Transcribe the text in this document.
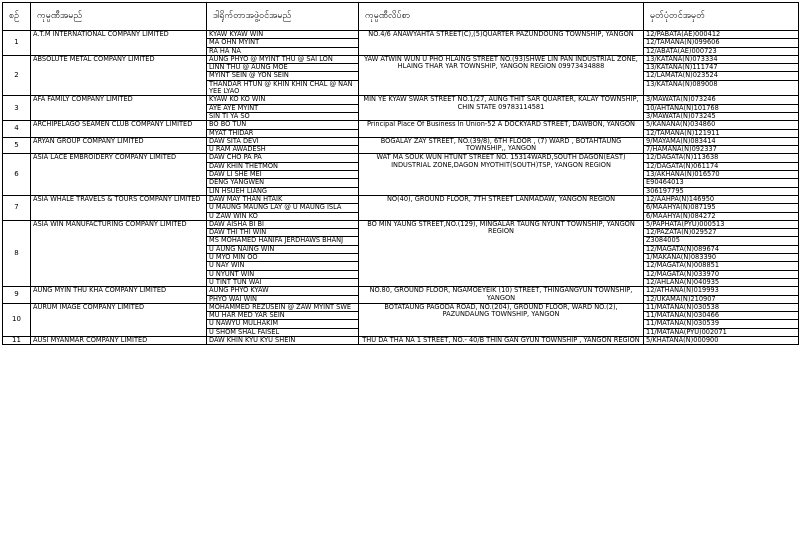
စဉ်	ကုမ္ပဏီအမည်	ဒါရိုက်တာအဖွဲ့ဝင်အမည်	ကုမ္ပဏီလိပ်စာ	မှတ်ပုံတင်အမှတ်
1	A.T.M INTERNATIONAL COMPANY LIMITED	KYAW KYAW WIN	NO.4/6 ANAWYAHTA STREET(C),(5)QUARTER PAZUNDOUNG TOWNSHIP, YANGON	12/PABATA(AE)000412
		MA OHN MYINT		12/TAMANA(N)099606
		RA HA NA		12/ABATA(AE)000723
2	ABSOLUTE METAL COMPANY LIMITED	AUNG PHYO @ MYINT THU @ SAI LON	YAW ATWIN WUN U PHO HLAING STREET NO.(93)SHWE LIN PAN INDUSTRIAL ZONE, HLAING THAR YAR TOWNSHIP, YANGON REGION 09973434888	13/KATANA(N)073334
		LINN THU @ AUNG MOE		13/KATANA(N)111747
		MYINT SEIN @ YON SEIN		12/LAMATA(N)023524
		THANDAR HTUN @ KHIN KHIN CHAL @ NAN YEE LYAO		13/KATANA(N)089008
3	AFA FAMILY COMPANY LIMITED	KYAW KO KO WIN	MIN YE KYAW SWAR STREET NO.1/27, AUNG THIT SAR QUARTER, KALAY TOWNSHIP, CHIN STATE 09783114581	3/MAWATA(N)073246
		AYE AYE MYINT		10/AHTANA(N)101768
		SIN TI YA SO		3/MAWATA(N)073245
4	ARCHIPELAGO SEAMEN CLUB COMPANY LIMITED	BO BO TUN	Principal Place Of Business In Union-52 A DOCKYARD STREET, DAWBON, YANGON	5/KANANA(N)034860
		MYAT THIDAR		12/TAMANA(N)121911
5	ARYAN GROUP COMPANY LIMITED	DAW SITA DEVI	BOGALAY ZAY STREET, NO.(39/8), 6TH FLOOR , (7) WARD , BOTAHTAUNG TOWNSHIP,, YANGON	9/MAYAMA(N)083414
		U RAM AWADESH		7/HAMANA(N)092337
6	ASIA LACE EMBROIDERY COMPANY LIMITED	DAW CHO PA PA	WAT MA SOUK WUN HTUNT STREET NO. 15314WARD,SOUTH DAGON(EAST) INDUSTRIAL ZONE,DAGON MYOTHIT(SOUTH)TSP, YANGON REGION	12/DAGATA(N)113638
		DAW KHIN THETMON		12/DAGATA(N)061174
		DAW LI SHE MEI		13/AKHANA(N)016570
		DENG YANGWEN		E90464013
		LIN HSUEH LIANG		306197795
7	ASIA WHALE TRAVELS & TOURS COMPANY LIMITED	DAW MAY THAN HTAIK	NO(40), GROUND FLOOR, 7TH STREET LANMADAW, YANGON REGION	12/AAHPA(N)146950
		U MAUNG MAUNG LAY @ U MAUNG ISLA		6/MAAHYA(N)087195
		U ZAW WIN KO		6/MAAHYA(N)084272
8	ASIA WIN MANUFACTURING COMPANY LIMITED	DAW AISHA BI BI	BO MIN YAUNG STREET,NO.(129), MINGALAR TAUNG NYUNT TOWNSHIP, YANGON REGION	5/PAPHATA(PYU)000513
		DAW THI THI WIN		12/PAZATA(N)029527
		MS MOHAMED HANIFA JERDHAWS BHANJ		Z3084005
		U AUNG NAING WIN		12/MAGATA(N)089674
		U MYO MIN OO		1/MAKANA(N)083390
		U NAY WIN		12/MAGATA(N)008851
		U NYUNT WIN		12/MAGATA(N)033970
		U TINT TUN WAI		12/AHLANA(N)040935
9	AUNG MYIN THU KHA COMPANY LIMITED	AUNG PHYO KYAW	NO.80, GROUND FLOOR, NGAMOEYEIK (10) STREET, THINGANGYUN TOWNSHIP, YANGON	12/ATHANA(N)019993
		PHYO WAI WIN		12/UKAMA(N)210907
10	AURUM IMAGE COMPANY LIMITED	MOHAMMED REZUSEIN @ ZAW MYINT SWE	BOTATAUNG PAGODA ROAD, NO.(204), GROUND FLOOR, WARD NO.(2), PAZUNDAUNG TOWNSHIP, YANGON	11/MATANA(N)030538
		MU HAR MED YAR SEIN		11/MATANA(N)030466
		U NAWYU MULHAKIM		11/MATANA(N)030539
		U SHOM SHAL FAISEL		11/MATANA(PYU)002071
11	AUSI MYANMAR COMPANY LIMITED	DAW KHIN KYU KYU SHEIN	THU DA THA NA 1 STREET, NO.- 40/B THIN GAN GYUN TOWNSHIP , YANGON REGION	5/KHATANA(N)000900
